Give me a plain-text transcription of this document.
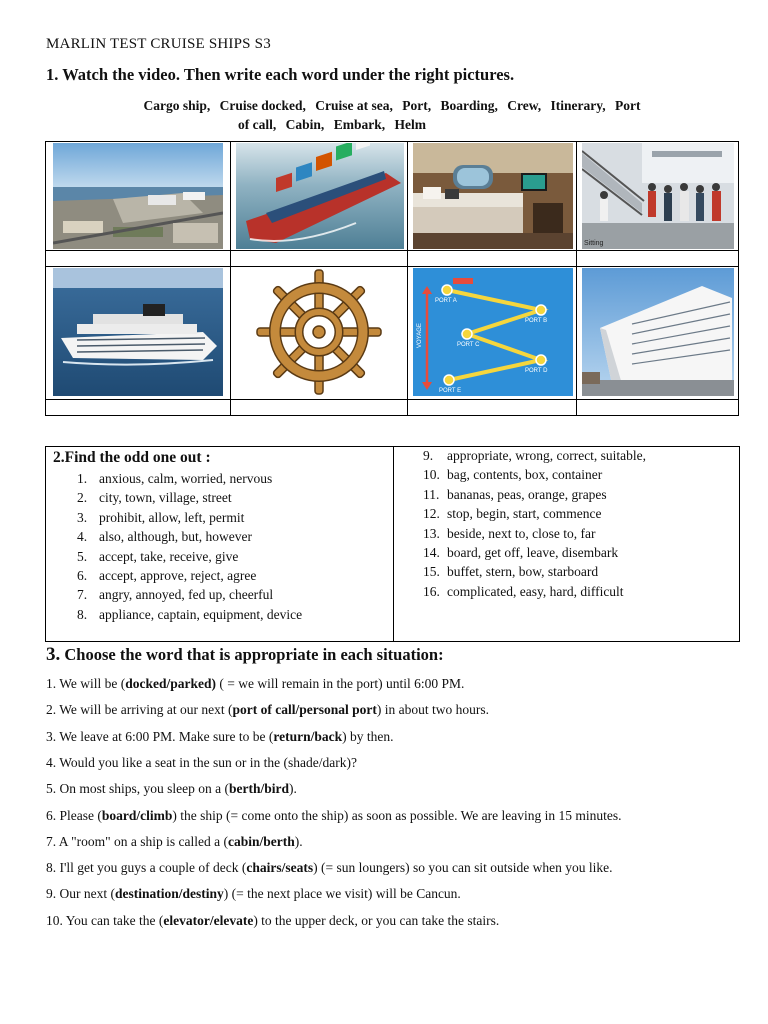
MARLIN TEST CRUISE SHIPS S3
1. Watch the video. Then write each word under the right pictures.
Cargo ship, Cruise docked, Cruise at sea, Port, Boarding, Crew, Itinerary, Port
of call, Cabin, Embark, Helm
Sitting
PORT A
PORT B
PORT C
PORT D
PORT E
VOYAGE
2.Find the odd one out :
1. anxious, calm, worried, nervous
2. city, town, village, street
3. prohibit, allow, left, permit
4. also, although, but, however
5. accept, take, receive, give
6. accept, approve, reject, agree
7. angry, annoyed, fed up, cheerful
8. appliance, captain, equipment, device
9. appropriate, wrong, correct, suitable,
10. bag, contents, box, container
11. bananas, peas, orange, grapes
12. stop, begin, start, commence
13. beside, next to, close to, far
14. board, get off, leave, disembark
15. buffet, stern, bow, starboard
16. complicated, easy, hard, difficult
3. Choose the word that is appropriate in each situation:
1. We will be (docked/parked) ( = we will remain in the port) until 6:00 PM.
2. We will be arriving at our next (port of call/personal port) in about two hours.
3. We leave at 6:00 PM. Make sure to be (return/back) by then.
4. Would you like a seat in the sun or in the (shade/dark)?
5. On most ships, you sleep on a (berth/bird).
6. Please (board/climb) the ship (= come onto the ship) as soon as possible. We are leaving in 15 minutes.
7. A "room" on a ship is called a (cabin/berth).
8. I'll get you guys a couple of deck (chairs/seats) (= sun loungers) so you can sit outside when you like.
9. Our next (destination/destiny) (= the next place we visit) will be Cancun.
10. You can take the (elevator/elevate) to the upper deck, or you can take the stairs.
